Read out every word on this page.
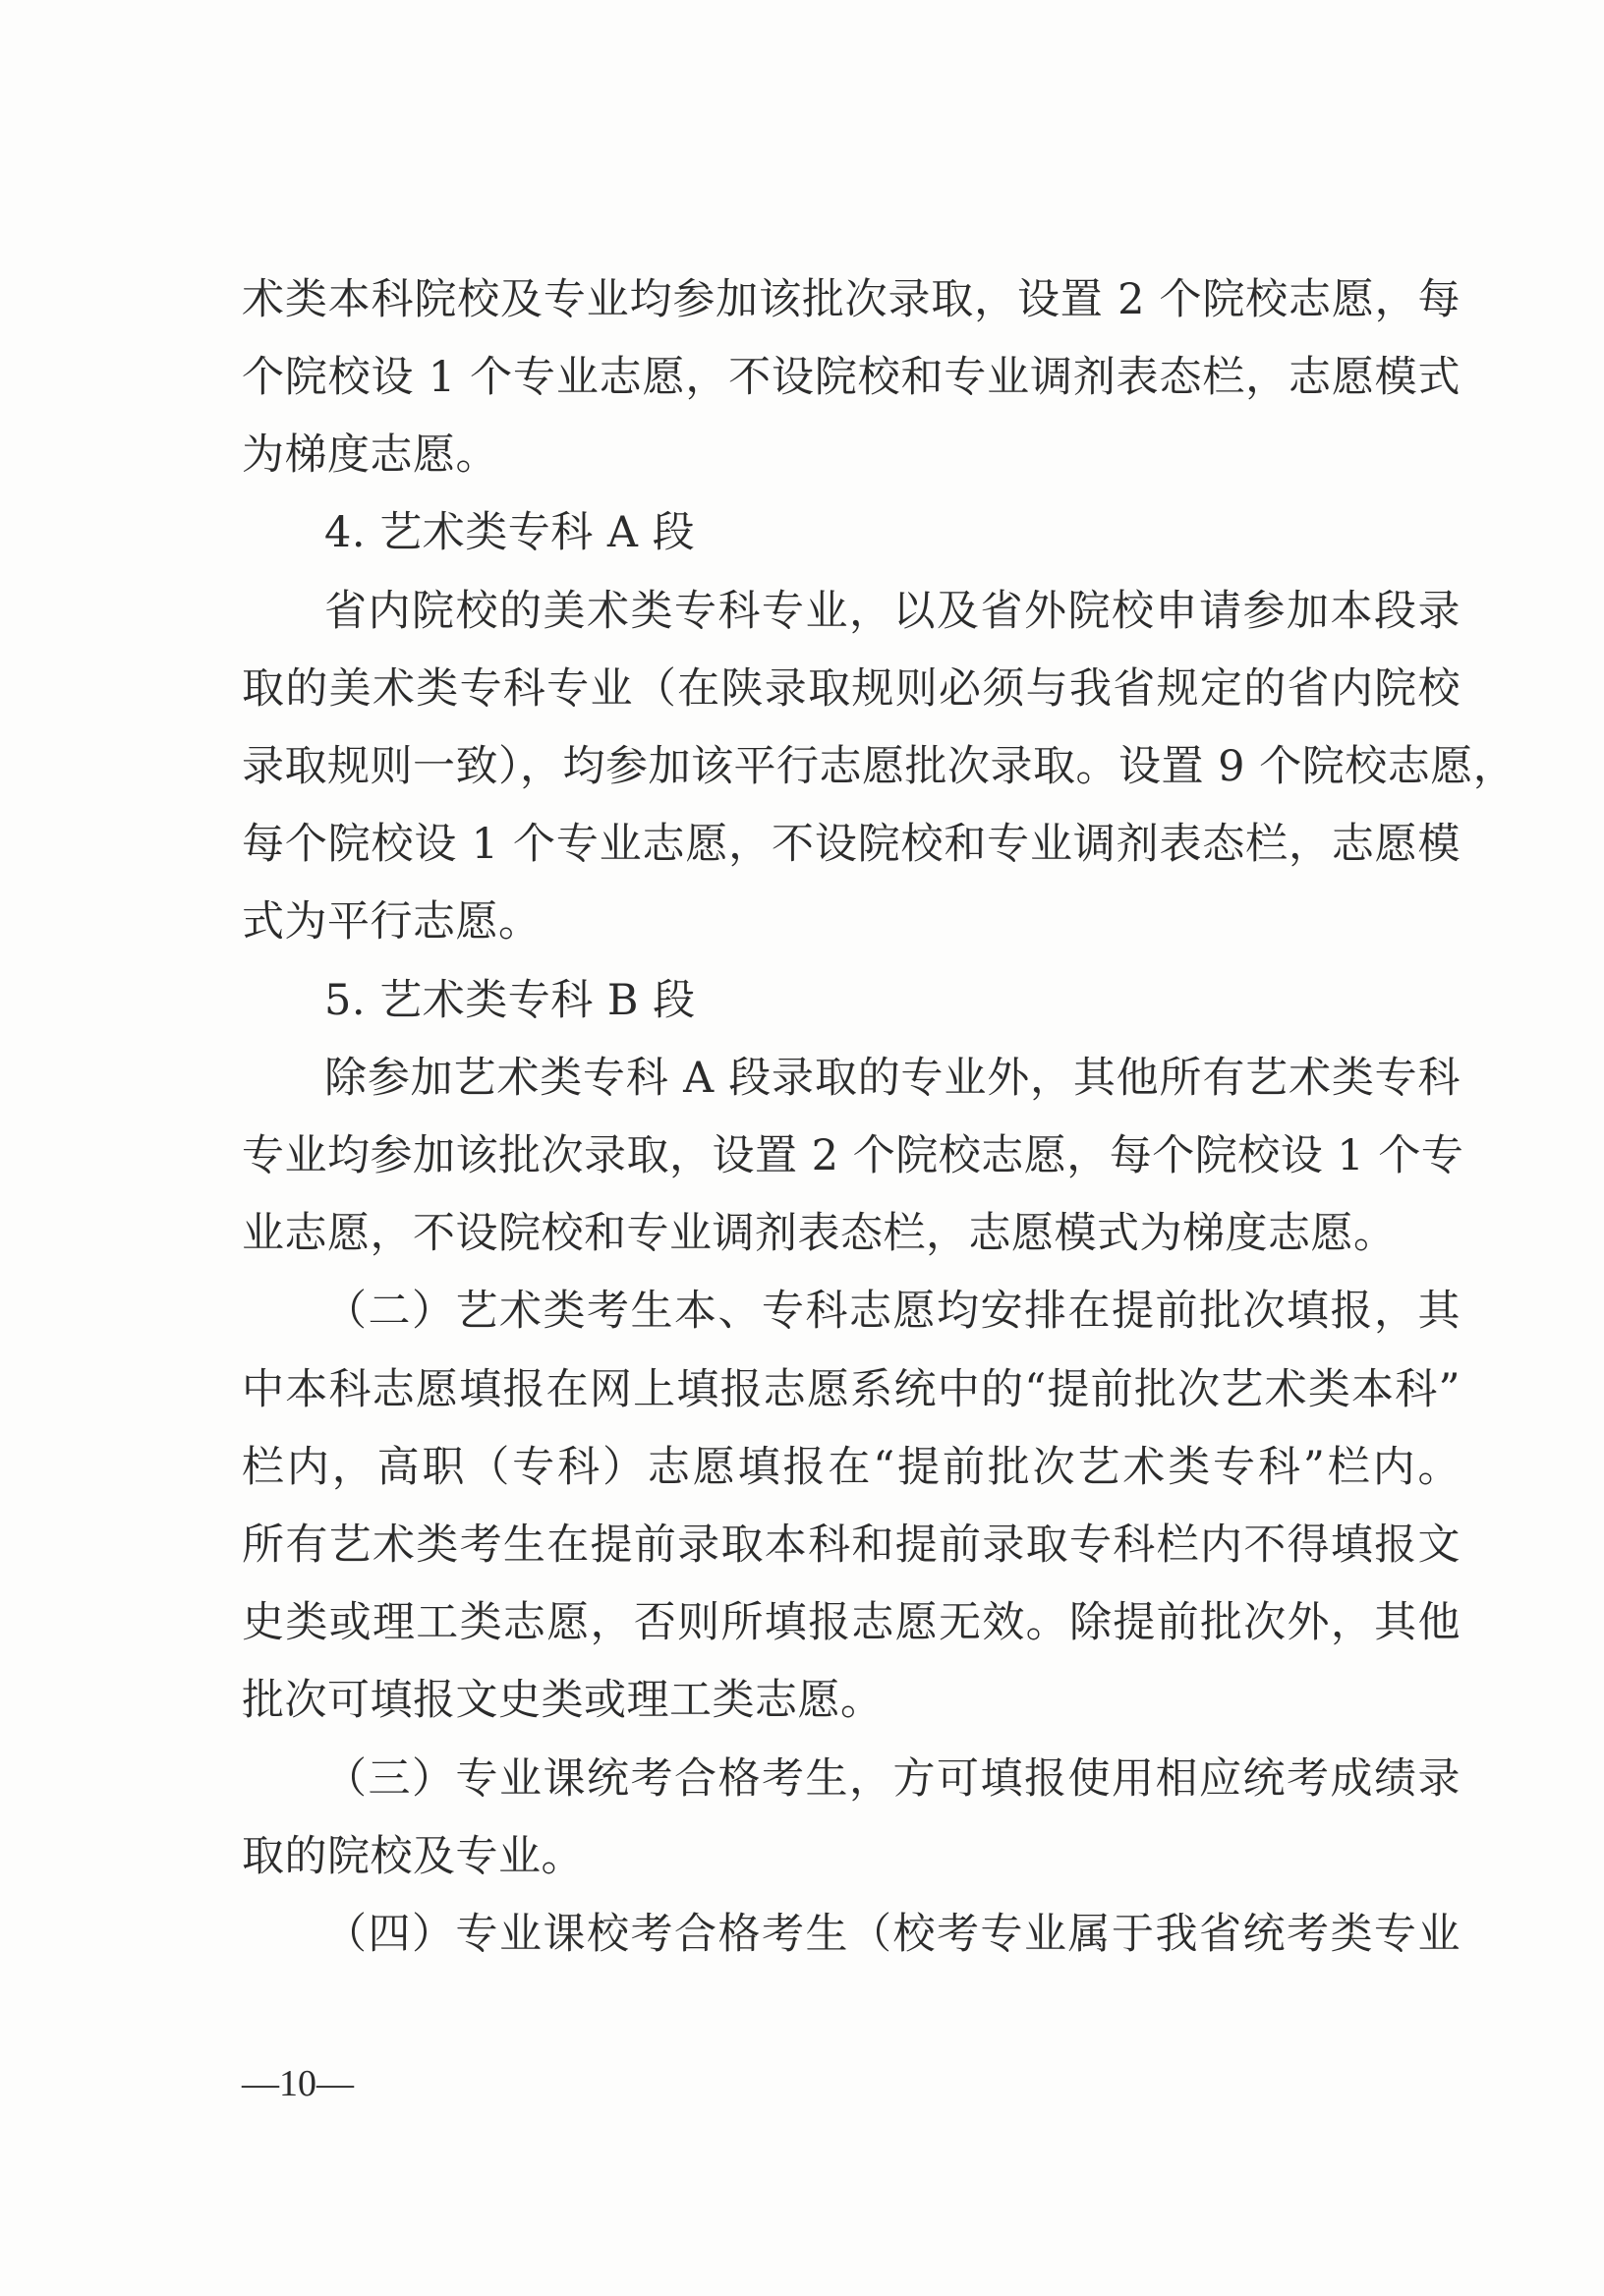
术类本科院校及专业均参加该批次录取，设置 2 个院校志愿，每
个院校设 1 个专业志愿，不设院校和专业调剂表态栏，志愿模式
为梯度志愿。
4. 艺术类专科 A 段
省内院校的美术类专科专业，以及省外院校申请参加本段录
取的美术类专科专业（在陕录取规则必须与我省规定的省内院校
录取规则一致），均参加该平行志愿批次录取。设置 9 个院校志愿，
每个院校设 1 个专业志愿，不设院校和专业调剂表态栏，志愿模
式为平行志愿。
5. 艺术类专科 B 段
除参加艺术类专科 A 段录取的专业外，其他所有艺术类专科
专业均参加该批次录取，设置 2 个院校志愿，每个院校设 1 个专
业志愿，不设院校和专业调剂表态栏，志愿模式为梯度志愿。
（二）艺术类考生本、专科志愿均安排在提前批次填报，其
中本科志愿填报在网上填报志愿系统中的“提前批次艺术类本科”
栏内，高职（专科）志愿填报在“提前批次艺术类专科”栏内。
所有艺术类考生在提前录取本科和提前录取专科栏内不得填报文
史类或理工类志愿，否则所填报志愿无效。除提前批次外，其他
批次可填报文史类或理工类志愿。
（三）专业课统考合格考生，方可填报使用相应统考成绩录
取的院校及专业。
（四）专业课校考合格考生（校考专业属于我省统考类专业
—10—
